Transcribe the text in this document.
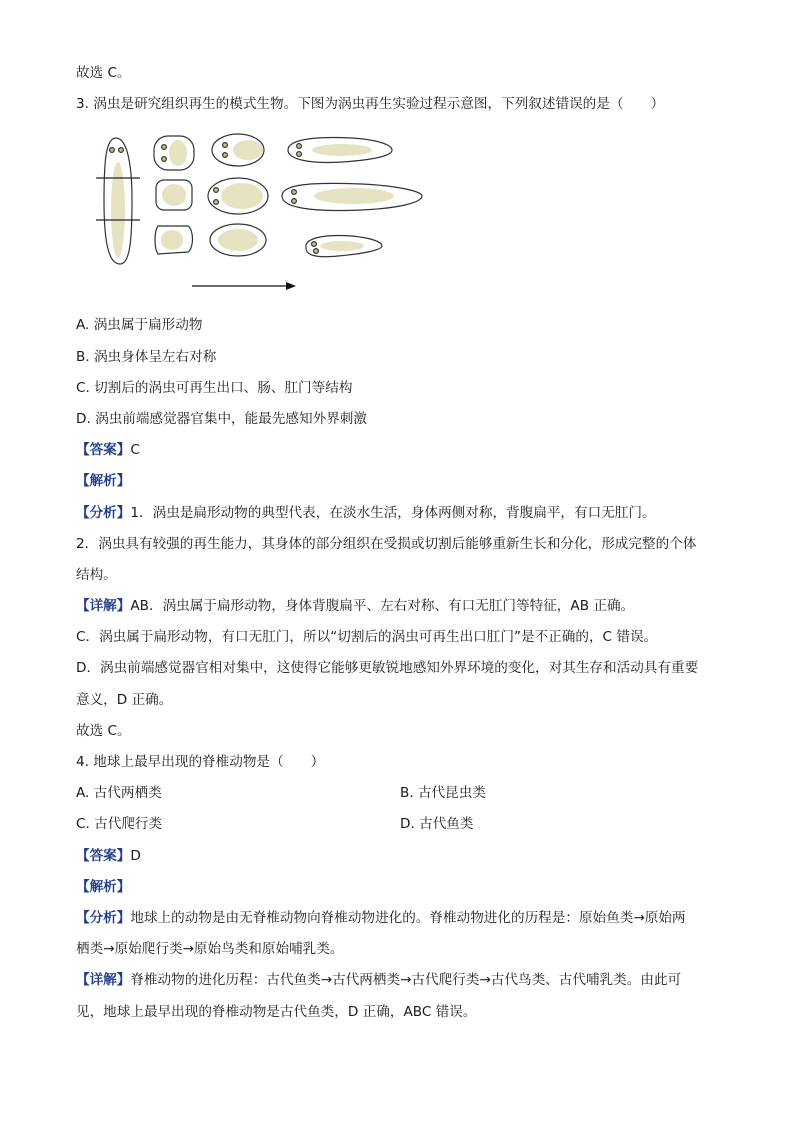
故选 C。
3. 涡虫是研究组织再生的模式生物。下图为涡虫再生实验过程示意图，下列叙述错误的是（　　）
A. 涡虫属于扁形动物
B. 涡虫身体呈左右对称
C. 切割后的涡虫可再生出口、肠、肛门等结构
D. 涡虫前端感觉器官集中，能最先感知外界刺激
【答案】C
【解析】
【分析】1．涡虫是扁形动物的典型代表，在淡水生活，身体两侧对称，背腹扁平，有口无肛门。
2．涡虫具有较强的再生能力，其身体的部分组织在受损或切割后能够重新生长和分化，形成完整的个体
结构。
【详解】AB．涡虫属于扁形动物，身体背腹扁平、左右对称、有口无肛门等特征，AB 正确。
C．涡虫属于扁形动物，有口无肛门，所以“切割后的涡虫可再生出口肛门”是不正确的，C 错误。
D．涡虫前端感觉器官相对集中，这使得它能够更敏锐地感知外界环境的变化，对其生存和活动具有重要
意义，D 正确。
故选 C。
4. 地球上最早出现的脊椎动物是（　　）
A. 古代两栖类	B. 古代昆虫类
C. 古代爬行类	D. 古代鱼类
【答案】D
【解析】
【分析】地球上的动物是由无脊椎动物向脊椎动物进化的。脊椎动物进化的历程是：原始鱼类→原始两
栖类→原始爬行类→原始鸟类和原始哺乳类。
【详解】脊椎动物的进化历程：古代鱼类→古代两栖类→古代爬行类→古代鸟类、古代哺乳类。由此可
见，地球上最早出现的脊椎动物是古代鱼类，D 正确，ABC 错误。
